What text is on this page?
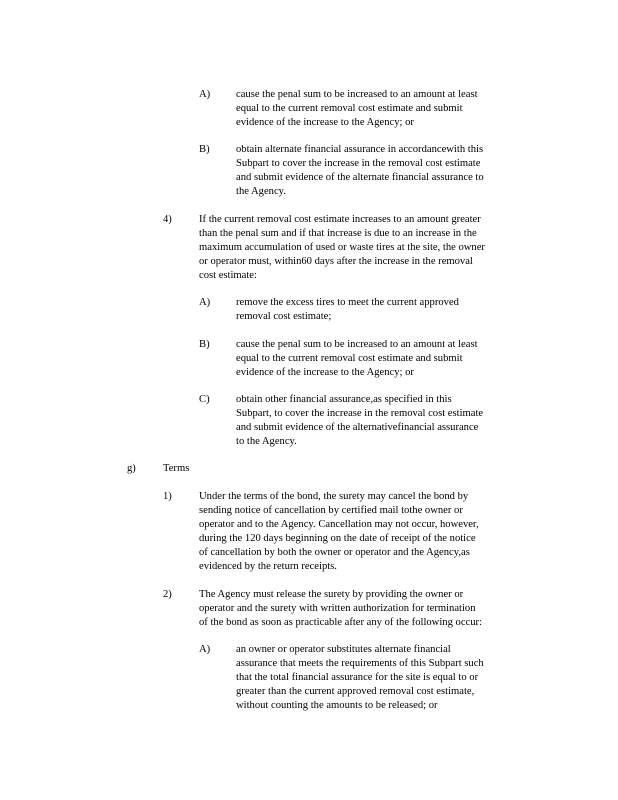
A) cause the penal sum to be increased to an amount at least
equal to the current removal cost estimate and submit
evidence of the increase to the Agency; or
B) obtain alternate financial assurance in accordancewith this
Subpart to cover the increase in the removal cost estimate
and submit evidence of the alternate financial assurance to
the Agency.
4)	If the current removal cost estimate increases to an amount greater
than the penal sum and if that increase is due to an increase in the
maximum accumulation of used or waste tires at the site, the owner
or operator must, within60 days after the increase in the removal
cost estimate:
A) remove the excess tires to meet the current approved
removal cost estimate;
B) cause the penal sum to be increased to an amount at least
equal to the current removal cost estimate and submit
evidence of the increase to the Agency; or
C) obtain other financial assurance,as specified in this
Subpart, to cover the increase in the removal cost estimate
and submit evidence of the alternativefinancial assurance
to the Agency.
g)	Terms
1)	Under the terms of the bond, the surety may cancel the bond by
sending notice of cancellation by certified mail tothe owner or
operator and to the Agency. Cancellation may not occur, however,
during the 120 days beginning on the date of receipt of the notice
of cancellation by both the owner or operator and the Agency,as
evidenced by the return receipts.
2)	The Agency must release the surety by providing the owner or
operator and the surety with written authorization for termination
of the bond as soon as practicable after any of the following occur:
A) an owner or operator substitutes alternate financial
assurance that meets the requirements of this Subpart such
that the total financial assurance for the site is equal to or
greater than the current approved removal cost estimate,
without counting the amounts to be released; or
